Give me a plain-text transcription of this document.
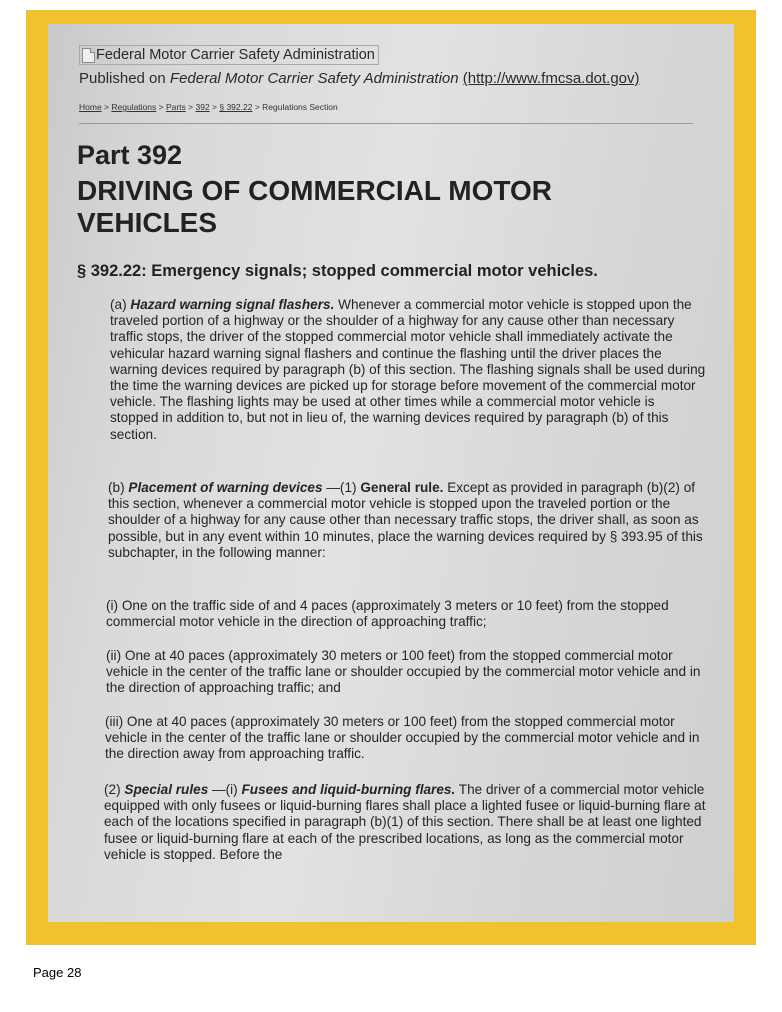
Federal Motor Carrier Safety Administration
Published on Federal Motor Carrier Safety Administration (http://www.fmcsa.dot.gov)
Home > Regulations > Parts > 392 > § 392.22 > Regulations Section
Part 392
DRIVING OF COMMERCIAL MOTOR VEHICLES
§ 392.22: Emergency signals; stopped commercial motor vehicles.
(a) Hazard warning signal flashers. Whenever a commercial motor vehicle is stopped upon the traveled portion of a highway or the shoulder of a highway for any cause other than necessary traffic stops, the driver of the stopped commercial motor vehicle shall immediately activate the vehicular hazard warning signal flashers and continue the flashing until the driver places the warning devices required by paragraph (b) of this section. The flashing signals shall be used during the time the warning devices are picked up for storage before movement of the commercial motor vehicle. The flashing lights may be used at other times while a commercial motor vehicle is stopped in addition to, but not in lieu of, the warning devices required by paragraph (b) of this section.
(b) Placement of warning devices —(1) General rule. Except as provided in paragraph (b)(2) of this section, whenever a commercial motor vehicle is stopped upon the traveled portion or the shoulder of a highway for any cause other than necessary traffic stops, the driver shall, as soon as possible, but in any event within 10 minutes, place the warning devices required by § 393.95 of this subchapter, in the following manner:
(i) One on the traffic side of and 4 paces (approximately 3 meters or 10 feet) from the stopped commercial motor vehicle in the direction of approaching traffic;
(ii) One at 40 paces (approximately 30 meters or 100 feet) from the stopped commercial motor vehicle in the center of the traffic lane or shoulder occupied by the commercial motor vehicle and in the direction of approaching traffic; and
(iii) One at 40 paces (approximately 30 meters or 100 feet) from the stopped commercial motor vehicle in the center of the traffic lane or shoulder occupied by the commercial motor vehicle and in the direction away from approaching traffic.
(2) Special rules —(i) Fusees and liquid-burning flares. The driver of a commercial motor vehicle equipped with only fusees or liquid-burning flares shall place a lighted fusee or liquid-burning flare at each of the locations specified in paragraph (b)(1) of this section. There shall be at least one lighted fusee or liquid-burning flare at each of the prescribed locations, as long as the commercial motor vehicle is stopped. Before the
Page 28
